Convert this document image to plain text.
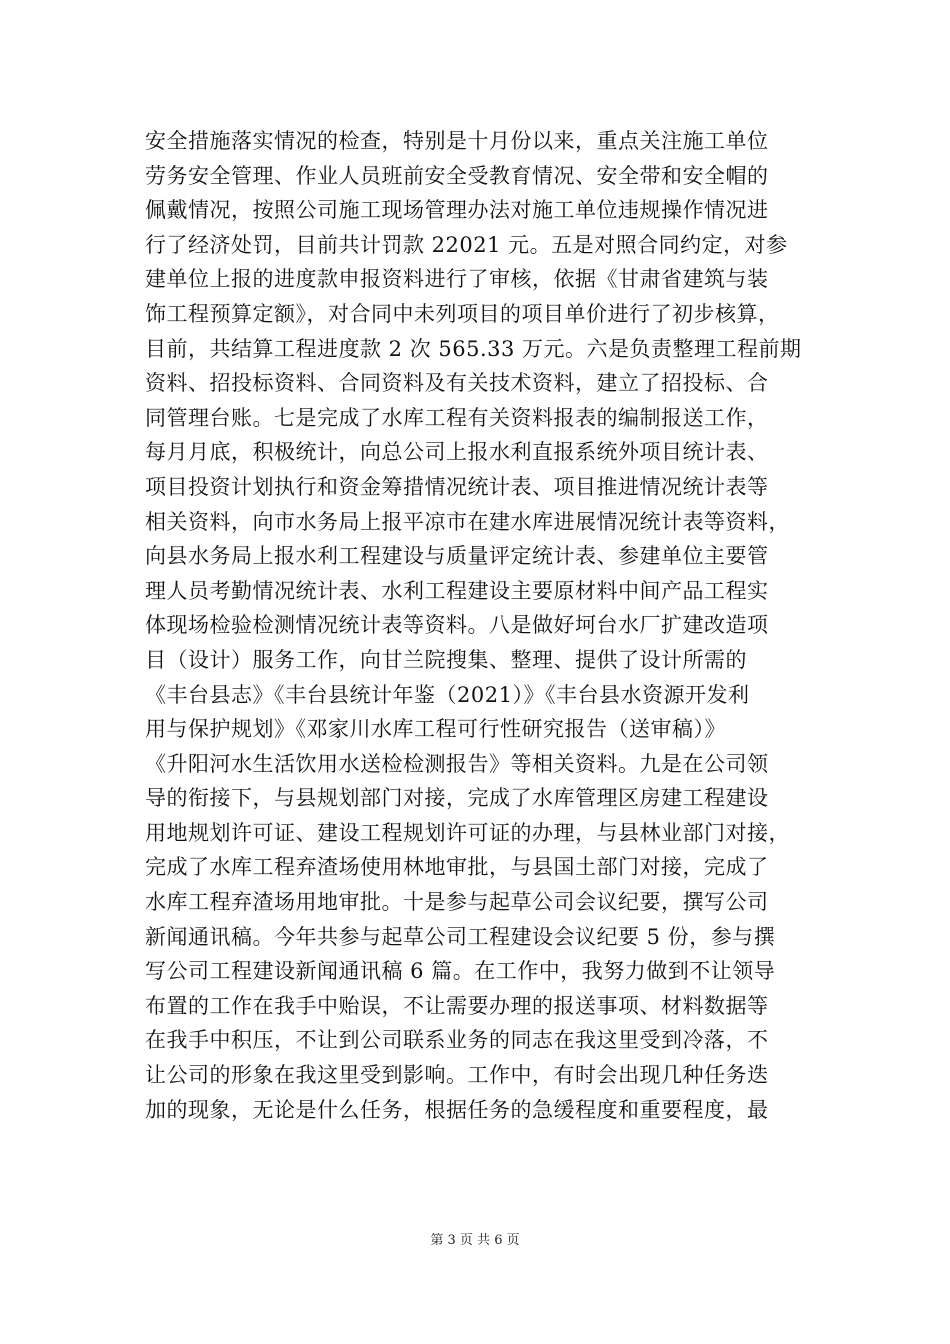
安全措施落实情况的检查，特别是十月份以来，重点关注施工单位
劳务安全管理、作业人员班前安全受教育情况、安全带和安全帽的
佩戴情况，按照公司施工现场管理办法对施工单位违规操作情况进
行了经济处罚，目前共计罚款 22021 元。五是对照合同约定，对参
建单位上报的进度款申报资料进行了审核，依据《甘肃省建筑与装
饰工程预算定额》，对合同中未列项目的项目单价进行了初步核算，
目前，共结算工程进度款 2 次 565.33 万元。六是负责整理工程前期
资料、招投标资料、合同资料及有关技术资料，建立了招投标、合
同管理台账。七是完成了水库工程有关资料报表的编制报送工作，
每月月底，积极统计，向总公司上报水利直报系统外项目统计表、
项目投资计划执行和资金筹措情况统计表、项目推进情况统计表等
相关资料，向市水务局上报平凉市在建水库进展情况统计表等资料，
向县水务局上报水利工程建设与质量评定统计表、参建单位主要管
理人员考勤情况统计表、水利工程建设主要原材料中间产品工程实
体现场检验检测情况统计表等资料。八是做好坷台水厂扩建改造项
目（设计）服务工作，向甘兰院搜集、整理、提供了设计所需的
《丰台县志》《丰台县统计年鉴（2021）》《丰台县水资源开发利
用与保护规划》《邓家川水库工程可行性研究报告（送审稿）》
《升阳河水生活饮用水送检检测报告》等相关资料。九是在公司领
导的衔接下，与县规划部门对接，完成了水库管理区房建工程建设
用地规划许可证、建设工程规划许可证的办理，与县林业部门对接，
完成了水库工程弃渣场使用林地审批，与县国土部门对接，完成了
水库工程弃渣场用地审批。十是参与起草公司会议纪要，撰写公司
新闻通讯稿。今年共参与起草公司工程建设会议纪要 5 份，参与撰
写公司工程建设新闻通讯稿 6 篇。在工作中，我努力做到不让领导
布置的工作在我手中贻误，不让需要办理的报送事项、材料数据等
在我手中积压，不让到公司联系业务的同志在我这里受到冷落，不
让公司的形象在我这里受到影响。工作中，有时会出现几种任务迭
加的现象，无论是什么任务，根据任务的急缓程度和重要程度，最
第 3 页 共 6 页
